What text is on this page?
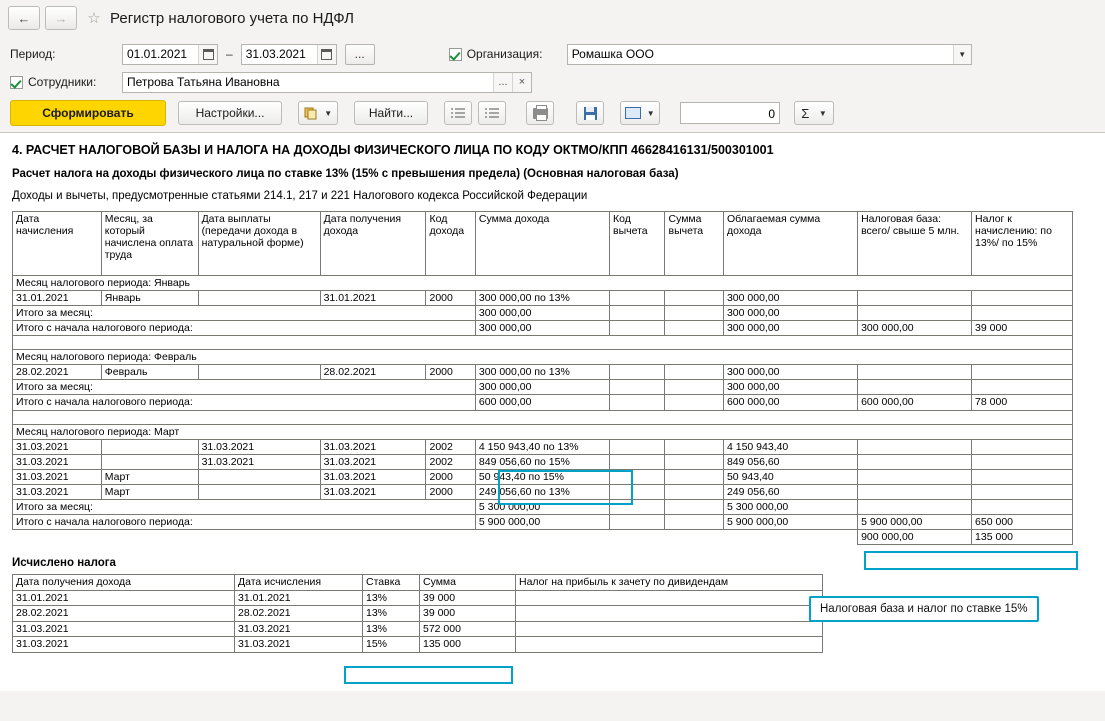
←	→	☆ Регистр налогового учета по НДФЛ
Период:	01.01.2021	–	31.03.2021	...	Организация:	Ромашка ООО	▼
Сотрудники:	Петрова Татьяна Ивановна	...	×
Сформировать	Настройки...	▼	Найти...	▼	0	Σ ▼
4. РАСЧЕТ НАЛОГОВОЙ БАЗЫ И НАЛОГА НА ДОХОДЫ ФИЗИЧЕСКОГО ЛИЦА ПО КОДУ ОКТМО/КПП 46628416131/500301001
Расчет налога на доходы физического лица по ставке 13% (15% с превышения предела) (Основная налоговая база)
Доходы и вычеты, предусмотренные статьями 214.1, 217 и 221 Налогового кодекса Российской Федерации
Дата начисления	Месяц, за который начислена оплата труда	Дата выплаты (передачи дохода в натуральной форме)	Дата получения дохода	Код дохода	Сумма дохода	Код вычета	Сумма вычета	Облагаемая сумма дохода	Налоговая база: всего/ свыше 5 млн.	Налог к начислению: по 13%/ по 15%
Месяц налогового периода: Январь										
31.01.2021	Январь		31.01.2021	2000	300 000,00 по 13%			300 000,00		
Итого за месяц:					300 000,00			300 000,00		
Итого с начала налогового периода:					300 000,00			300 000,00	300 000,00	39 000

Месяц налогового периода: Февраль										
28.02.2021	Февраль		28.02.2021	2000	300 000,00 по 13%			300 000,00		
Итого за месяц:					300 000,00			300 000,00		
Итого с начала налогового периода:					600 000,00			600 000,00	600 000,00	78 000

Месяц налогового периода: Март										
31.03.2021		31.03.2021	31.03.2021	2002	4 150 943,40 по 13%			4 150 943,40		
31.03.2021		31.03.2021	31.03.2021	2002	849 056,60 по 15%			849 056,60		
31.03.2021	Март		31.03.2021	2000	50 943,40 по 15%			50 943,40		
31.03.2021	Март		31.03.2021	2000	249 056,60 по 13%			249 056,60		
Итого за месяц:					5 300 000,00			5 300 000,00		
Итого с начала налогового периода:					5 900 000,00			5 900 000,00	5 900 000,00	650 000
									900 000,00	135 000
Исчислено налога
Дата получения дохода	Дата исчисления	Ставка	Сумма	Налог на прибыль к зачету по дивидендам
31.01.2021	31.01.2021	13%	39 000	
28.02.2021	28.02.2021	13%	39 000	
31.03.2021	31.03.2021	13%	572 000	
31.03.2021	31.03.2021	15%	135 000	
Налоговая база и налог по ставке 15%
